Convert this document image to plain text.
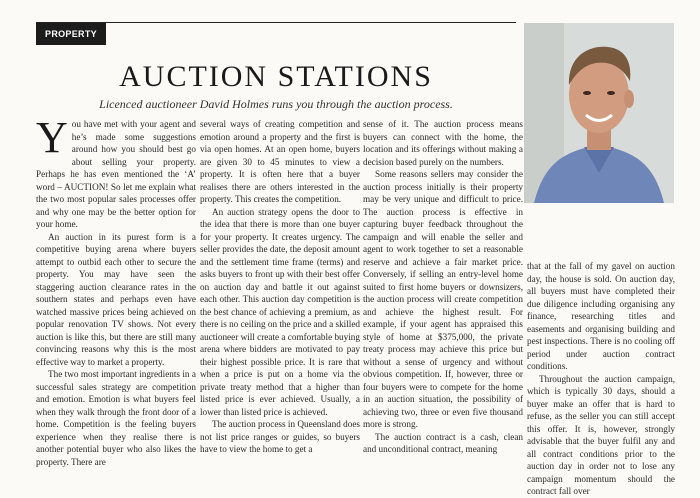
PROPERTY
AUCTION STATIONS
Licenced auctioneer David Holmes runs you through the auction process.

You have met with your agent and he’s made some suggestions around how you should best go about selling your property. Perhaps he has even mentioned the ‘A’ word – AUCTION! So let me explain what the two most popular sales processes offer and why one may be the better option for your home.

An auction in its purest form is a competitive buying arena where buyers attempt to outbid each other to secure the property. You may have seen the staggering auction clearance rates in the southern states and perhaps even have watched massive prices being achieved on popular renovation TV shows. Not every auction is like this, but there are still many convincing reasons why this is the most effective way to market a property.

The two most important ingredients in a successful sales strategy are competition and emotion. Emotion is what buyers feel when they walk through the front door of a home. Competition is the feeling buyers experience when they realise there is another potential buyer who also likes the property. There are

several ways of creating competition and emotion around a property and the first is via open homes. At an open home, buyers are given 30 to 45 minutes to view a property. It is often here that a buyer realises there are others interested in the property. This creates the competition.

An auction strategy opens the door to the idea that there is more than one buyer for your property. It creates urgency. The seller provides the date, the deposit amount and the settlement time frame (terms) and asks buyers to front up with their best offer on auction day and battle it out against each other. This auction day competition is the best chance of achieving a premium, as there is no ceiling on the price and a skilled auctioneer will create a comfortable buying arena where bidders are motivated to pay their highest possible price. It is rare that when a price is put on a home via the private treaty method that a higher than listed price is ever achieved. Usually, a lower than listed price is achieved.

The auction process in Queensland does not list price ranges or guides, so buyers have to view the home to get a

sense of it. The auction process means buyers can connect with the home, the location and its offerings without making a decision based purely on the numbers.

Some reasons sellers may consider the auction process initially is their property may be very unique and difficult to price. The auction process is effective in capturing buyer feedback throughout the campaign and will enable the seller and agent to work together to set a reasonable reserve and achieve a fair market price. Conversely, if selling an entry-level home suited to first home buyers or downsizers, the auction process will create competition and achieve the highest result. For example, if your agent has appraised this style of home at $375,000, the private treaty process may achieve this price but without a sense of urgency and without obvious competition. If, however, three or four buyers were to compete for the home in an auction situation, the possibility of achieving two, three or even five thousand more is strong.

The auction contract is a cash, clean and unconditional contract, meaning

that at the fall of my gavel on auction day, the house is sold. On auction day, all buyers must have completed their due diligence including organising any finance, researching titles and easements and organising building and pest inspections. There is no cooling off period under auction contract conditions.

Throughout the auction campaign, which is typically 30 days, should a buyer make an offer that is hard to refuse, as the seller you can still accept this offer. It is, however, strongly advisable that the buyer fulfil any and all contract conditions prior to the auction day in order not to lose any campaign momentum should the contract fall over
